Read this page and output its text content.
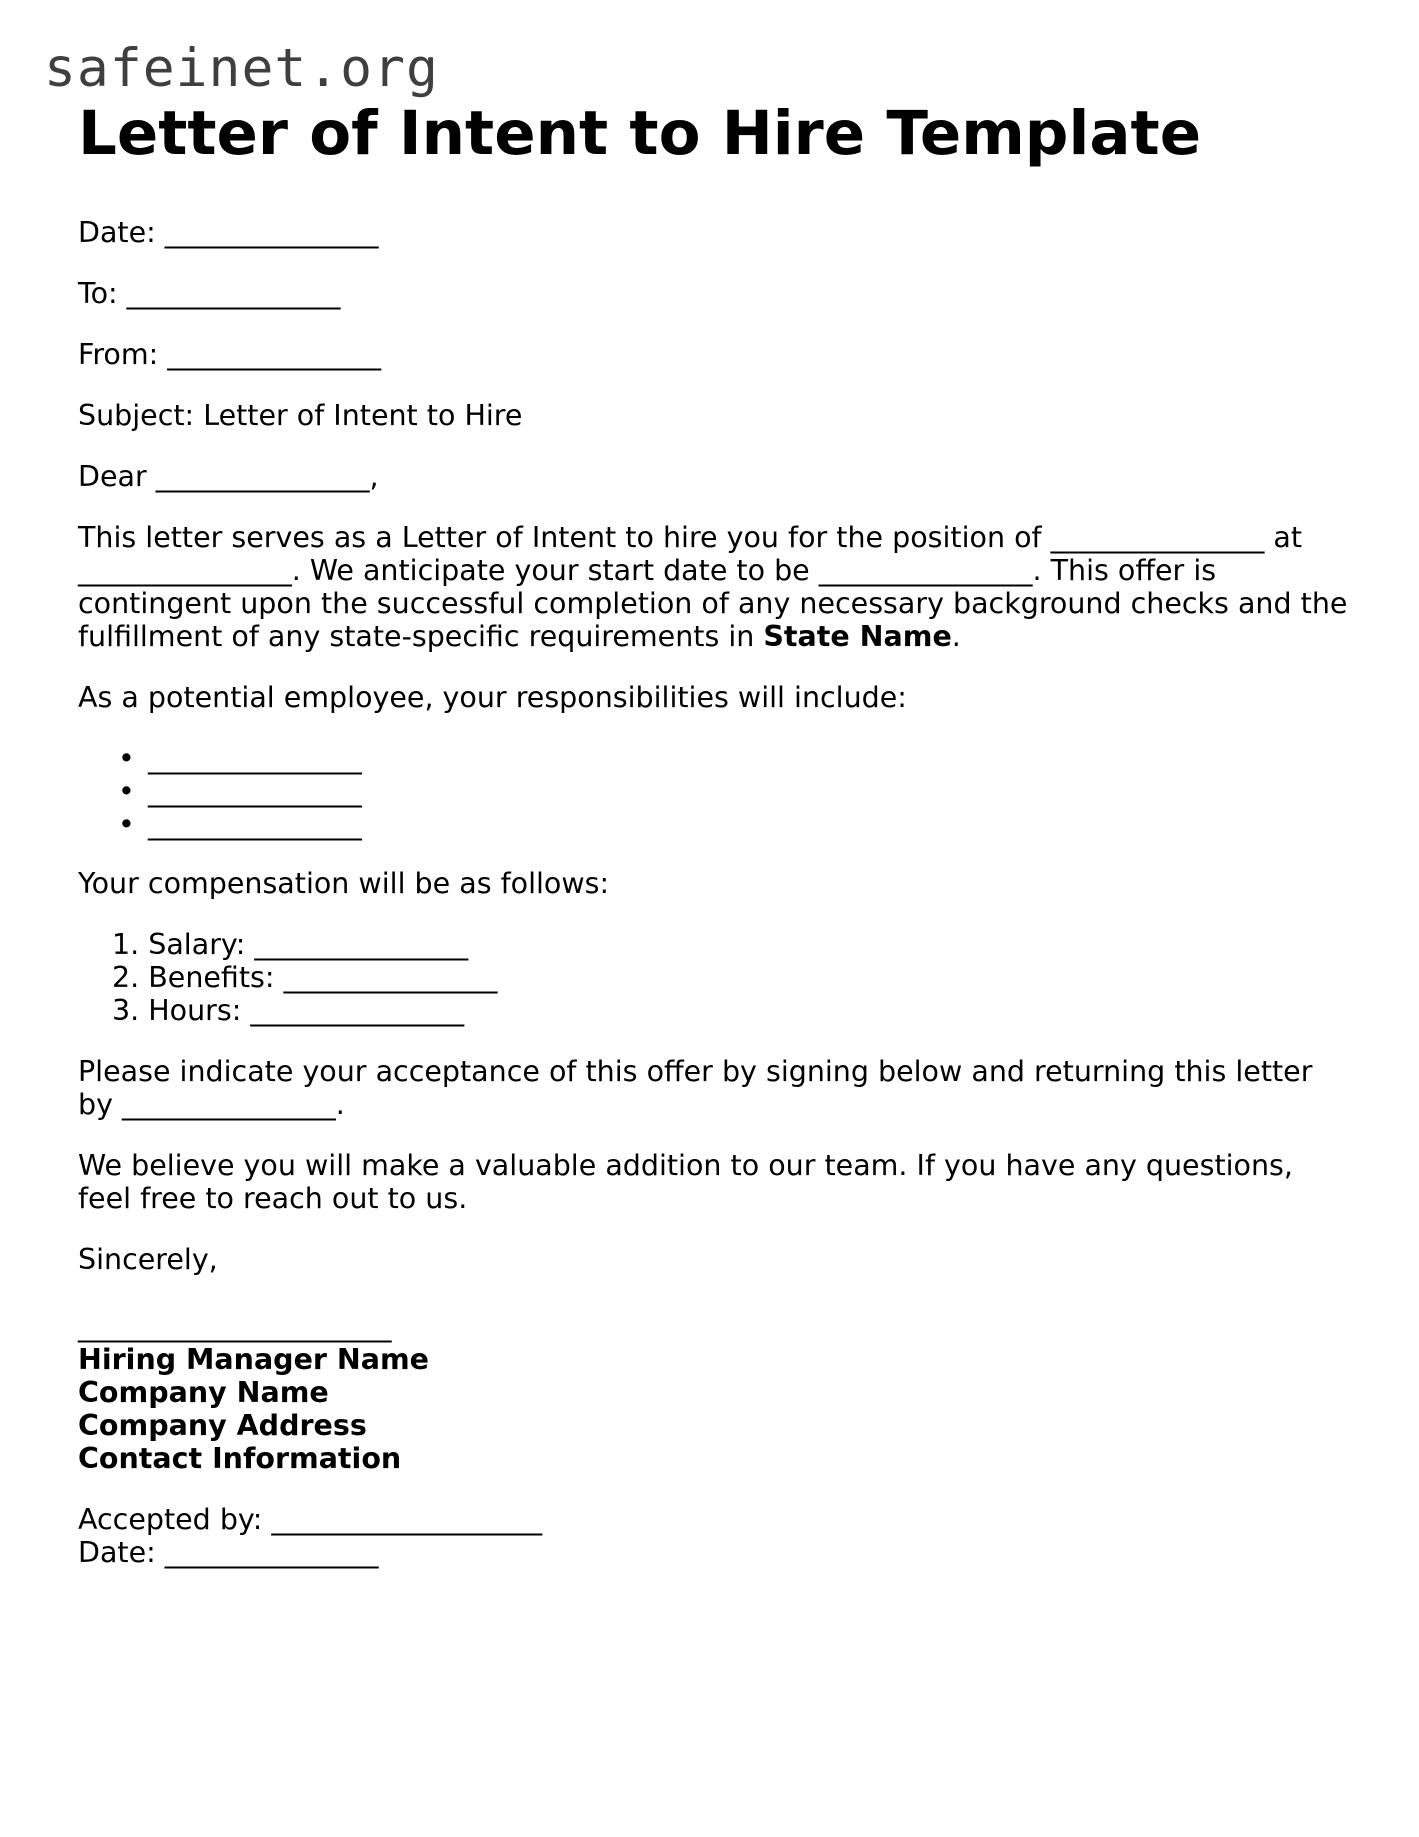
safeinet.org
Letter of Intent to Hire Template

Date: _______________

To: _______________

From: _______________

Subject: Letter of Intent to Hire

Dear _______________,

This letter serves as a Letter of Intent to hire you for the position of _______________ at _______________. We anticipate your start date to be _______________. This offer is contingent upon the successful completion of any necessary background checks and the fulfillment of any state-specific requirements in State Name.

As a potential employee, your responsibilities will include:

• _______________
• _______________
• _______________

Your compensation will be as follows:

1. Salary: _______________
2. Benefits: _______________
3. Hours: _______________

Please indicate your acceptance of this offer by signing below and returning this letter by _______________.

We believe you will make a valuable addition to our team. If you have any questions, feel free to reach out to us.

Sincerely,

______________________
Hiring Manager Name
Company Name
Company Address
Contact Information
Accepted by: ___________________
Date: _______________
